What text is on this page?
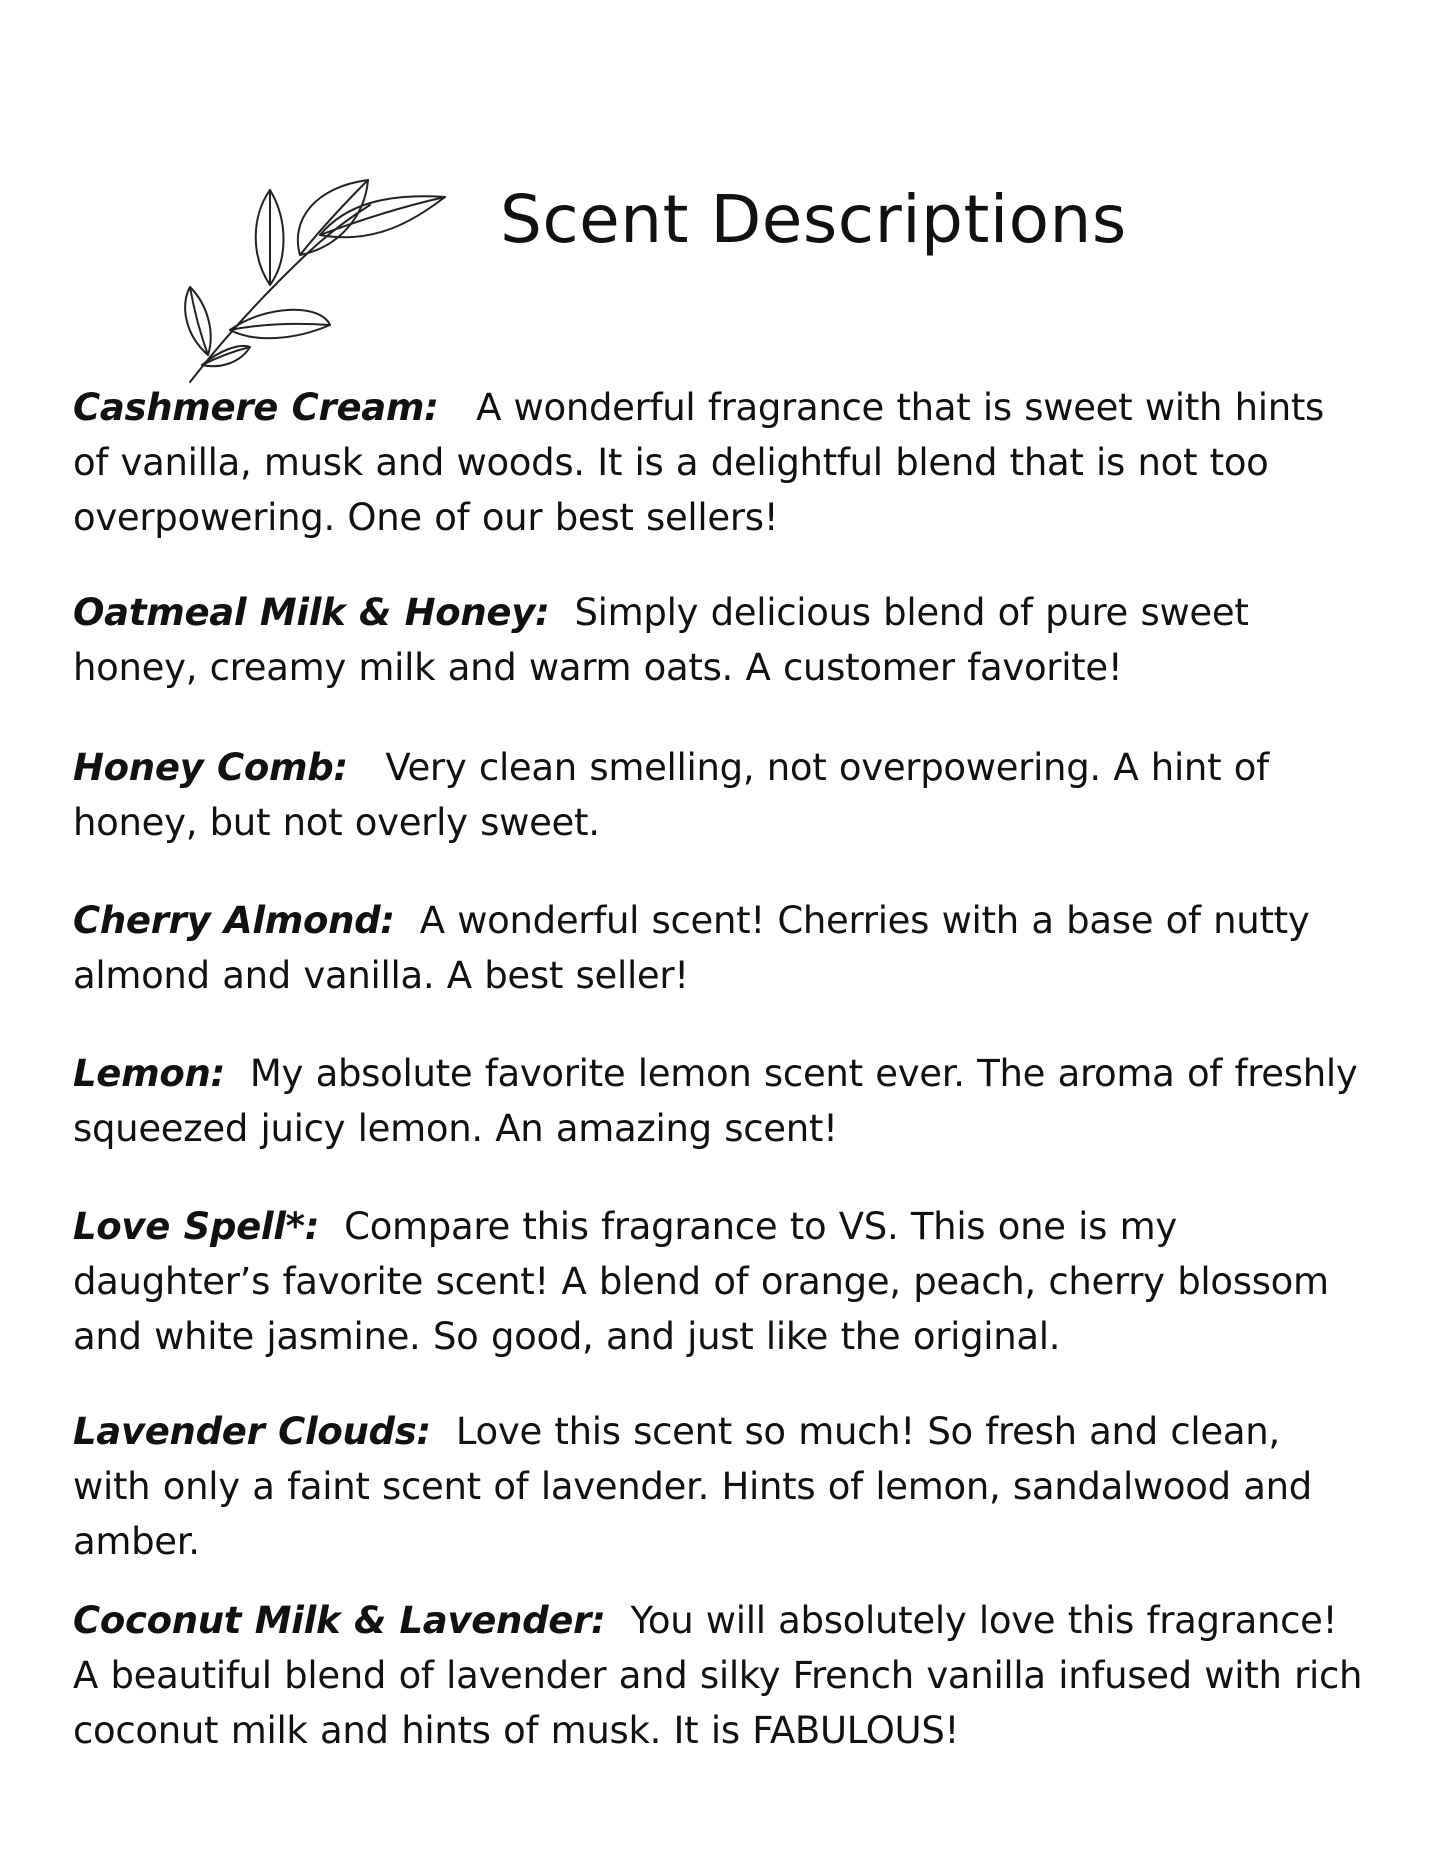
Scent Descriptions

Cashmere Cream: A wonderful fragrance that is sweet with hints of vanilla, musk and woods. It is a delightful blend that is not too overpowering. One of our best sellers!

Oatmeal Milk & Honey: Simply delicious blend of pure sweet honey, creamy milk and warm oats. A customer favorite!

Honey Comb: Very clean smelling, not overpowering. A hint of honey, but not overly sweet.

Cherry Almond: A wonderful scent! Cherries with a base of nutty almond and vanilla. A best seller!

Lemon: My absolute favorite lemon scent ever. The aroma of freshly squeezed juicy lemon. An amazing scent!

Love Spell*: Compare this fragrance to VS. This one is my daughter’s favorite scent! A blend of orange, peach, cherry blossom and white jasmine. So good, and just like the original.

Lavender Clouds: Love this scent so much! So fresh and clean, with only a faint scent of lavender. Hints of lemon, sandalwood and amber.

Coconut Milk & Lavender: You will absolutely love this fragrance! A beautiful blend of lavender and silky French vanilla infused with rich coconut milk and hints of musk. It is FABULOUS!
